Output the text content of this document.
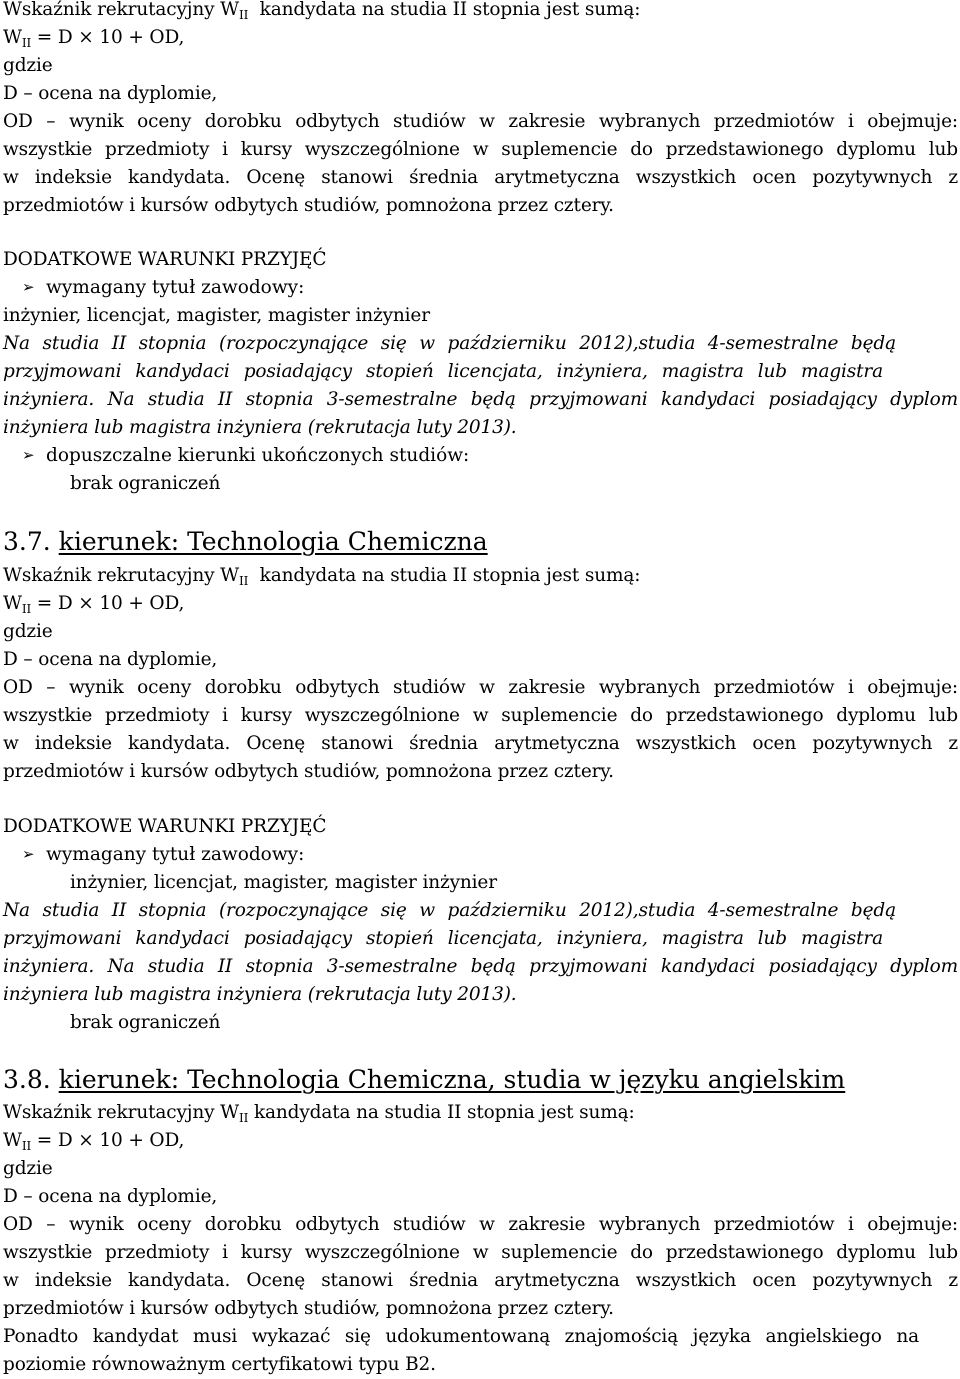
Wskaźnik rekrutacyjny $W_{II}$ kandydata na studia II stopnia jest sumą:
$W_{II} = D \times 10$ + OD,
gdzie
D – ocena na dyplomie,
OD – wynik oceny dorobku odbytych studiów w zakresie wybranych przedmiotów i obejmuje:
wszystkie przedmioty i kursy wyszczególnione w suplemencie do przedstawionego dyplomu lub
w indeksie kandydata. Ocenę stanowi średnia arytmetyczna wszystkich ocen pozytywnych z
przedmiotów i kursów odbytych studiów, pomnożona przez cztery.
DODATKOWE WARUNKI PRZYJĘĆ
➢ wymagany tytuł zawodowy:
inżynier, licencjat, magister, magister inżynier
Na studia II stopnia (rozpoczynające się w październiku 2012),studia 4-semestralne będą
przyjmowani kandydaci posiadający stopień licencjata, inżyniera, magistra lub magistra
inżyniera. Na studia II stopnia 3-semestralne będą przyjmowani kandydaci posiadający dyplom
inżyniera lub magistra inżyniera (rekrutacja luty 2013).
➢ dopuszczalne kierunki ukończonych studiów:
brak ograniczeń
3.7. kierunek: Technologia Chemiczna
Wskaźnik rekrutacyjny $W_{II}$ kandydata na studia II stopnia jest sumą:
$W_{II} = D \times 10$ + OD,
gdzie
D – ocena na dyplomie,
OD – wynik oceny dorobku odbytych studiów w zakresie wybranych przedmiotów i obejmuje:
wszystkie przedmioty i kursy wyszczególnione w suplemencie do przedstawionego dyplomu lub
w indeksie kandydata. Ocenę stanowi średnia arytmetyczna wszystkich ocen pozytywnych z
przedmiotów i kursów odbytych studiów, pomnożona przez cztery.
DODATKOWE WARUNKI PRZYJĘĆ
➢ wymagany tytuł zawodowy:
inżynier, licencjat, magister, magister inżynier
Na studia II stopnia (rozpoczynające się w październiku 2012),studia 4-semestralne będą
przyjmowani kandydaci posiadający stopień licencjata, inżyniera, magistra lub magistra
inżyniera. Na studia II stopnia 3-semestralne będą przyjmowani kandydaci posiadający dyplom
inżyniera lub magistra inżyniera (rekrutacja luty 2013).
brak ograniczeń
3.8. kierunek: Technologia Chemiczna, studia w języku angielskim
Wskaźnik rekrutacyjny $W_{II}$ kandydata na studia II stopnia jest sumą:
$W_{II} = D \times 10$ + OD,
gdzie
D – ocena na dyplomie,
OD – wynik oceny dorobku odbytych studiów w zakresie wybranych przedmiotów i obejmuje:
wszystkie przedmioty i kursy wyszczególnione w suplemencie do przedstawionego dyplomu lub
w indeksie kandydata. Ocenę stanowi średnia arytmetyczna wszystkich ocen pozytywnych z
przedmiotów i kursów odbytych studiów, pomnożona przez cztery.
Ponadto kandydat musi wykazać się udokumentowaną znajomością języka angielskiego na
poziomie równoważnym certyfikatowi typu B2.
